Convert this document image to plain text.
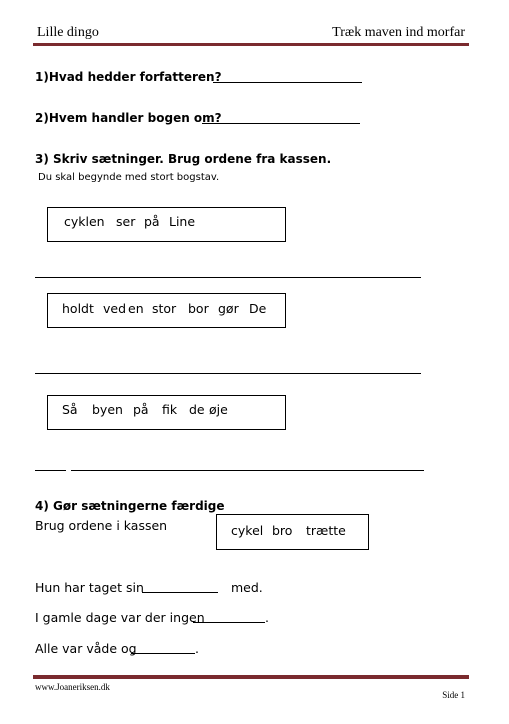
Lille dingo	Træk maven ind morfar
1)Hvad hedder forfatteren?
2)Hvem handler bogen om?
3) Skriv sætninger. Brug ordene fra kassen.
Du skal begynde med stort bogstav.
cyklen ser på Line
holdt ved en stor bor gør De
Så byen på fik de øje
4) Gør sætningerne færdige
Brug ordene i kassen	cykel bro trætte
Hun har taget sin	med.
I gamle dage var der ingen	.
Alle var våde og	.
www.Joaneriksen.dk
Side 1
